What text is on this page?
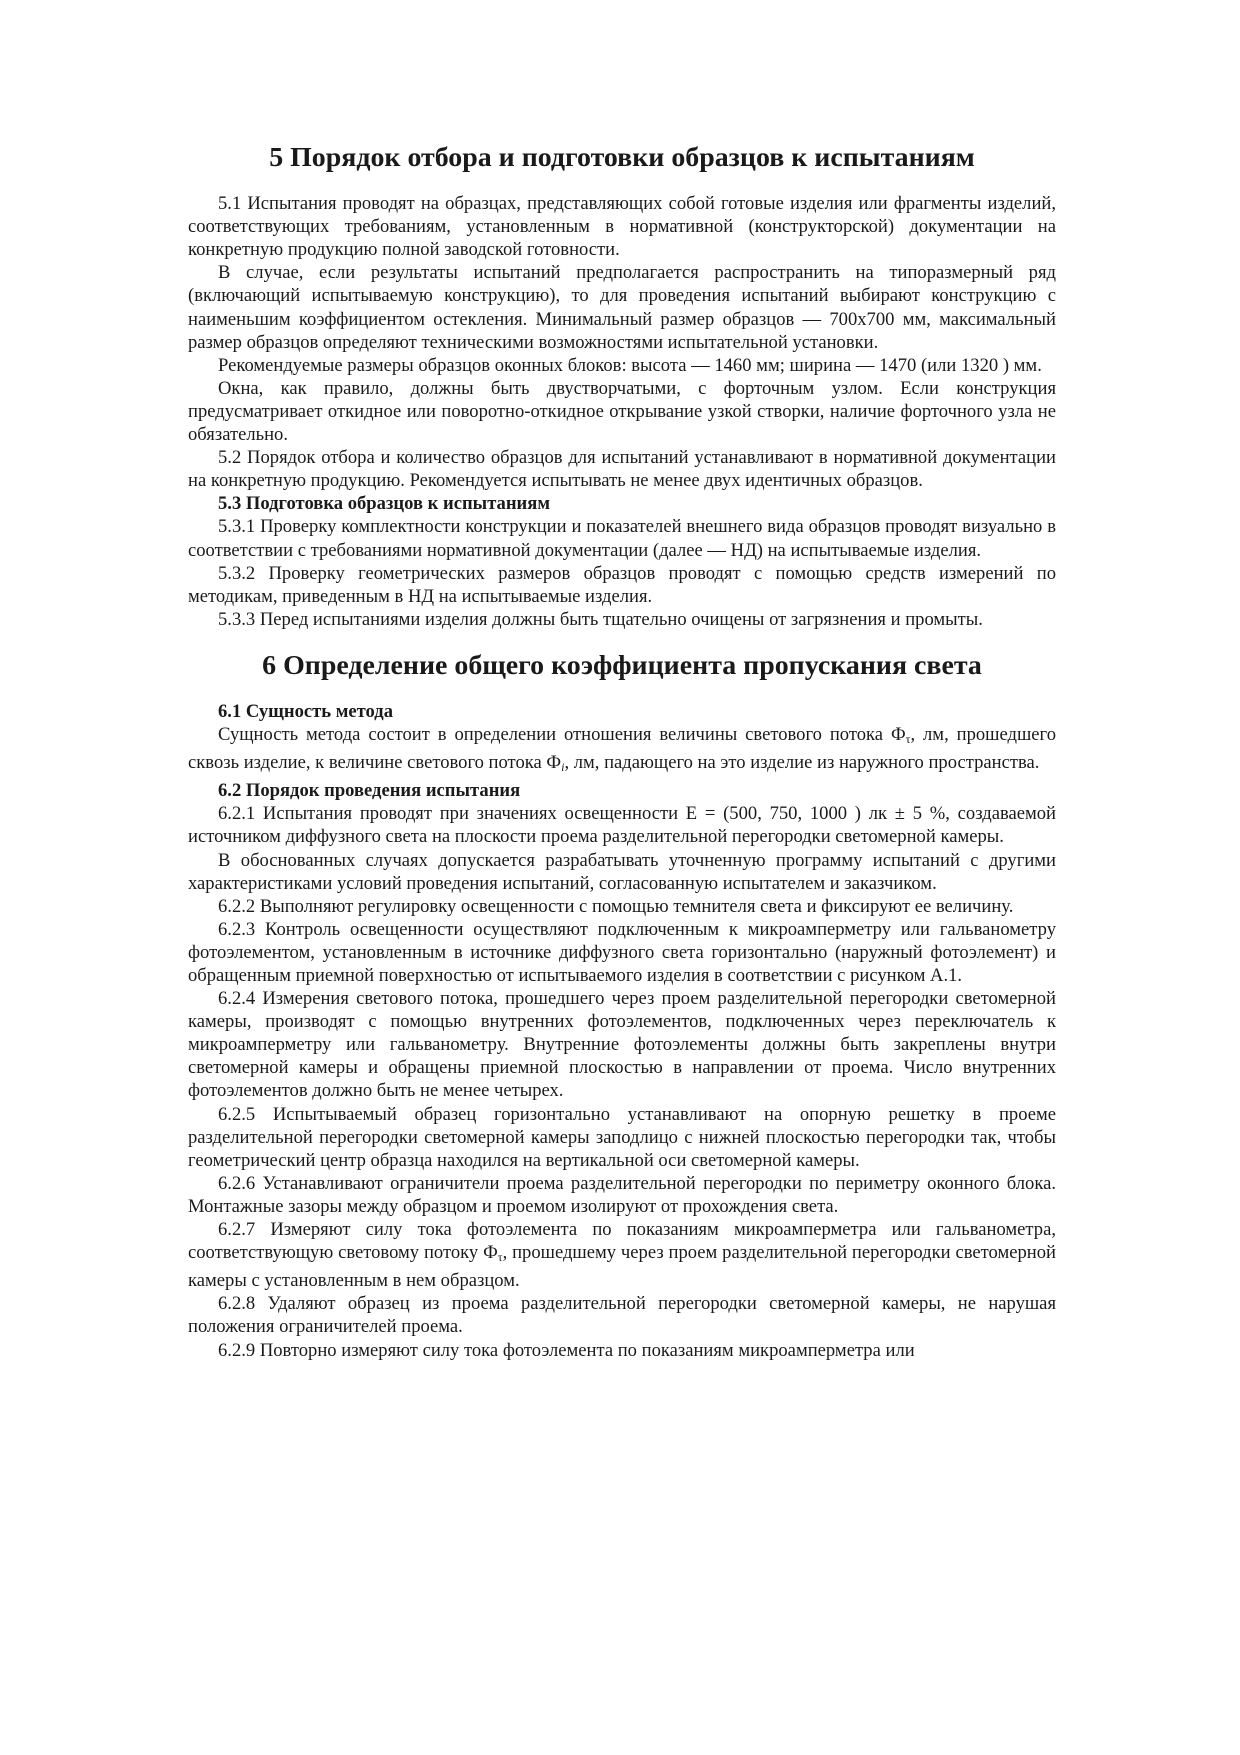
5 Порядок отбора и подготовки образцов к испытаниям

5.1 Испытания проводят на образцах, представляющих собой готовые изделия или фрагменты изделий, соответствующих требованиям, установленным в нормативной (конструкторской) документации на конкретную продукцию полной заводской готовности.

В случае, если результаты испытаний предполагается распространить на типоразмерный ряд (включающий испытываемую конструкцию), то для проведения испытаний выбирают конструкцию с наименьшим коэффициентом остекления. Минимальный размер образцов — 700x700 мм, максимальный размер образцов определяют техническими возможностями испытательной установки.

Рекомендуемые размеры образцов оконных блоков: высота — 1460 мм; ширина — 1470 (или 1320 ) мм.

Окна, как правило, должны быть двустворчатыми, с форточным узлом. Если конструкция предусматривает откидное или поворотно-откидное открывание узкой створки, наличие форточного узла не обязательно.

5.2 Порядок отбора и количество образцов для испытаний устанавливают в нормативной документации на конкретную продукцию. Рекомендуется испытывать не менее двух идентичных образцов.

5.3 Подготовка образцов к испытаниям

5.3.1 Проверку комплектности конструкции и показателей внешнего вида образцов проводят визуально в соответствии с требованиями нормативной документации (далее — НД) на испытываемые изделия.

5.3.2 Проверку геометрических размеров образцов проводят с помощью средств измерений по методикам, приведенным в НД на испытываемые изделия.

5.3.3 Перед испытаниями изделия должны быть тщательно очищены от загрязнения и промыты.

6 Определение общего коэффициента пропускания света
6.1 Сущность метода

Сущность метода состоит в определении отношения величины светового потока $Ф_\tau$, лм, прошедшего сквозь изделие, к величине светового потока $Ф_i$, лм, падающего на это изделие из наружного пространства.

6.2 Порядок проведения испытания

6.2.1 Испытания проводят при значениях освещенности Е = (500, 750, 1000 ) лк ± 5 %, создаваемой источником диффузного света на плоскости проема разделительной перегородки светомерной камеры.

В обоснованных случаях допускается разрабатывать уточненную программу испытаний с другими характеристиками условий проведения испытаний, согласованную испытателем и заказчиком.

6.2.2 Выполняют регулировку освещенности с помощью темнителя света и фиксируют ее величину.

6.2.3 Контроль освещенности осуществляют подключенным к микроамперметру или гальванометру фотоэлементом, установленным в источнике диффузного света горизонтально (наружный фотоэлемент) и обращенным приемной поверхностью от испытываемого изделия в соответствии с рисунком А.1.

6.2.4 Измерения светового потока, прошедшего через проем разделительной перегородки светомерной камеры, производят с помощью внутренних фотоэлементов, подключенных через переключатель к микроамперметру или гальванометру. Внутренние фотоэлементы должны быть закреплены внутри светомерной камеры и обращены приемной плоскостью в направлении от проема. Число внутренних фотоэлементов должно быть не менее четырех.

6.2.5 Испытываемый образец горизонтально устанавливают на опорную решетку в проеме разделительной перегородки светомерной камеры заподлицо с нижней плоскостью перегородки так, чтобы геометрический центр образца находился на вертикальной оси светомерной камеры.

6.2.6 Устанавливают ограничители проема разделительной перегородки по периметру оконного блока. Монтажные зазоры между образцом и проемом изолируют от прохождения света.

6.2.7 Измеряют силу тока фотоэлемента по показаниям микроамперметра или гальванометра, соответствующую световому потоку $Ф_\tau$, прошедшему через проем разделительной перегородки светомерной камеры с установленным в нем образцом.

6.2.8 Удаляют образец из проема разделительной перегородки светомерной камеры, не нарушая положения ограничителей проема.

6.2.9 Повторно измеряют силу тока фотоэлемента по показаниям микроамперметра или
